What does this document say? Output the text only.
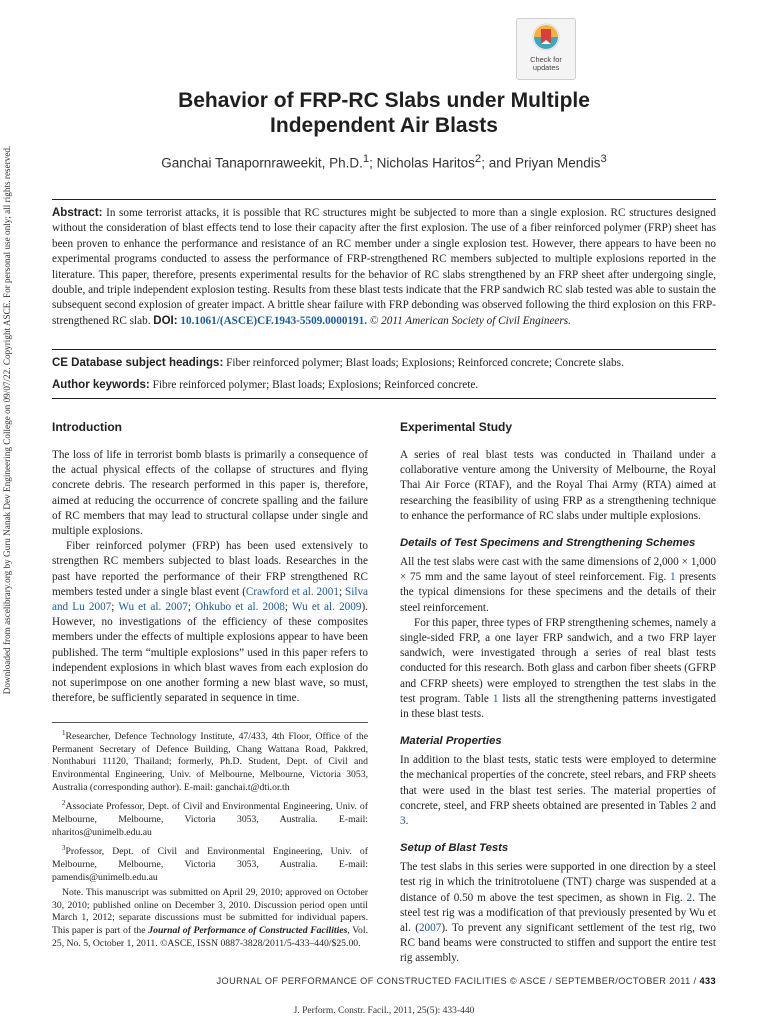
Downloaded from ascelibrary.org by Guru Nanak Dev Engineering College on 09/07/22. Copyright ASCE. For personal use only; all rights reserved.
Check for
updates
Behavior of FRP-RC Slabs under Multiple
Independent Air Blasts
Ganchai Tanapornraweekit, Ph.D.$^1$; Nicholas Haritos$^2$; and Priyan Mendis$^3$
Abstract: In some terrorist attacks, it is possible that RC structures might be subjected to more than a single explosion. RC structures designed without the consideration of blast effects tend to lose their capacity after the first explosion. The use of a fiber reinforced polymer (FRP) sheet has been proven to enhance the performance and resistance of an RC member under a single explosion test. However, there appears to have been no experimental programs conducted to assess the performance of FRP-strengthened RC members subjected to multiple explosions reported in the literature. This paper, therefore, presents experimental results for the behavior of RC slabs strengthened by an FRP sheet after undergoing single, double, and triple independent explosion testing. Results from these blast tests indicate that the FRP sandwich RC slab tested was able to sustain the subsequent second explosion of greater impact. A brittle shear failure with FRP debonding was observed following the third explosion on this FRP-strengthened RC slab. DOI: 10.1061/(ASCE)CF.1943-5509.0000191. © 2011 American Society of Civil Engineers.
CE Database subject headings: Fiber reinforced polymer; Blast loads; Explosions; Reinforced concrete; Concrete slabs.
Author keywords: Fibre reinforced polymer; Blast loads; Explosions; Reinforced concrete.
Introduction

The loss of life in terrorist bomb blasts is primarily a consequence of the actual physical effects of the collapse of structures and flying concrete debris. The research performed in this paper is, therefore, aimed at reducing the occurrence of concrete spalling and the failure of RC members that may lead to structural collapse under single and multiple explosions.

Fiber reinforced polymer (FRP) has been used extensively to strengthen RC members subjected to blast loads. Researches in the past have reported the performance of their FRP strengthened RC members tested under a single blast event (Crawford et al. 2001; Silva and Lu 2007; Wu et al. 2007; Ohkubo et al. 2008; Wu et al. 2009). However, no investigations of the efficiency of these composites members under the effects of multiple explosions appear to have been published. The term “multiple explosions” used in this paper refers to independent explosions in which blast waves from each explosion do not superimpose on one another forming a new blast wave, so must, therefore, be sufficiently separated in sequence in time.

$^1$Researcher, Defence Technology Institute, 47/433, 4th Floor, Office of the Permanent Secretary of Defence Building, Chang Wattana Road, Pakkred, Nonthaburi 11120, Thailand; formerly, Ph.D. Student, Dept. of Civil and Environmental Engineering, Univ. of Melbourne, Melbourne, Victoria 3053, Australia (corresponding author). E-mail: ganchai.t@dti.or.th

$^2$Associate Professor, Dept. of Civil and Environmental Engineering, Univ. of Melbourne, Melbourne, Victoria 3053, Australia. E-mail: nharitos@unimelb.edu.au

$^3$Professor, Dept. of Civil and Environmental Engineering, Univ. of Melbourne, Melbourne, Victoria 3053, Australia. E-mail: pamendis@unimelb.edu.au

Note. This manuscript was submitted on April 29, 2010; approved on October 30, 2010; published online on December 3, 2010. Discussion period open until March 1, 2012; separate discussions must be submitted for individual papers. This paper is part of the Journal of Performance of Constructed Facilities, Vol. 25, No. 5, October 1, 2011. ©ASCE, ISSN 0887-3828/2011/5-433–440/$25.00.

Experimental Study

A series of real blast tests was conducted in Thailand under a collaborative venture among the University of Melbourne, the Royal Thai Air Force (RTAF), and the Royal Thai Army (RTA) aimed at researching the feasibility of using FRP as a strengthening technique to enhance the performance of RC slabs under multiple explosions.

Details of Test Specimens and Strengthening Schemes

All the test slabs were cast with the same dimensions of 2,000 × 1,000 × 75 mm and the same layout of steel reinforcement. Fig. 1 presents the typical dimensions for these specimens and the details of their steel reinforcement.

For this paper, three types of FRP strengthening schemes, namely a single-sided FRP, a one layer FRP sandwich, and a two FRP layer sandwich, were investigated through a series of real blast tests conducted for this research. Both glass and carbon fiber sheets (GFRP and CFRP sheets) were employed to strengthen the test slabs in the test program. Table 1 lists all the strengthening patterns investigated in these blast tests.

Material Properties

In addition to the blast tests, static tests were employed to determine the mechanical properties of the concrete, steel rebars, and FRP sheets that were used in the blast test series. The material properties of concrete, steel, and FRP sheets obtained are presented in Tables 2 and 3.

Setup of Blast Tests

The test slabs in this series were supported in one direction by a steel test rig in which the trinitrotoluene (TNT) charge was suspended at a distance of 0.50 m above the test specimen, as shown in Fig. 2. The steel test rig was a modification of that previously presented by Wu et al. (2007). To prevent any significant settlement of the test rig, two RC band beams were constructed to stiffen and support the entire test rig assembly.

JOURNAL OF PERFORMANCE OF CONSTRUCTED FACILITIES © ASCE / SEPTEMBER/OCTOBER 2011 / 433
J. Perform. Constr. Facil., 2011, 25(5): 433-440
